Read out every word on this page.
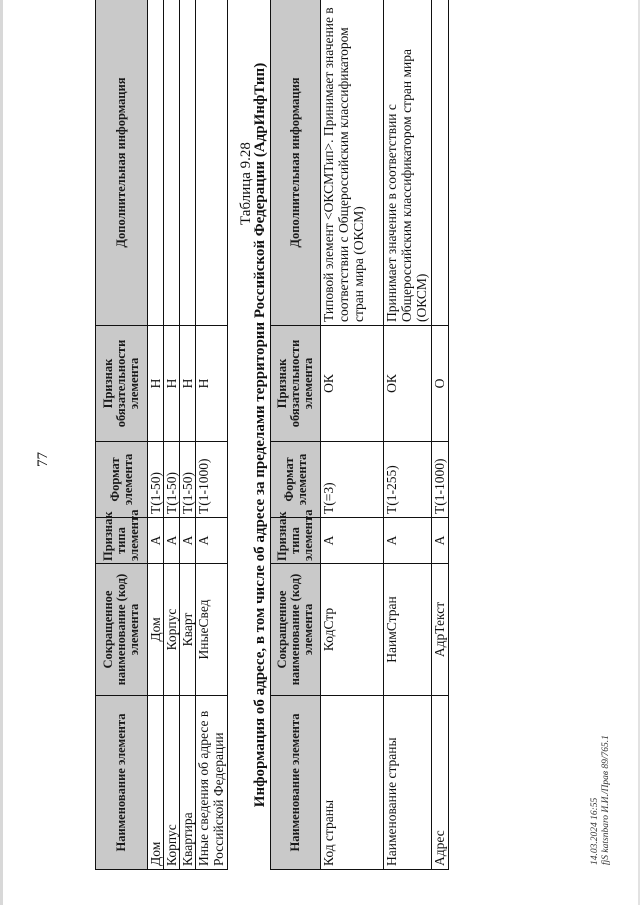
77
Наименование элемента	Сокращенное наименование (код) элемента	Признак типа элемента	Формат элемента	Признак обязательности элемента	Дополнительная информация
Дом	Дом	А	T(1-50)	Н	
Корпус	Корпус	А	T(1-50)	Н	
Квартира	Кварт	А	T(1-50)	Н	
Иные сведения об адресе в Российской Федерации	ИныеСвед	А	T(1-1000)	Н	
Таблица 9.28
Информация об адресе, в том числе об адресе за пределами территории Российской Федерации (АдрИнфТип) Наименование элемента	Сокращенное наименование (код) элемента	Признак типа элемента	Формат элемента	Признак обязательности элемента	Дополнительная информация
Код страны	КодСтр	А	T(=3)	ОК	Типовой элемент <ОКСМТип>. Принимает значение в соответствии с Общероссийским классификатором стран мира (ОКСМ)
Наименование страны	НаимСтран	А	T(1-255)	ОК	Принимает значение в соответствии с Общероссийским классификатором стран мира (ОКСМ)
Адрес	АдрТекст	А	T(1-1000)	О	
14.03.2024 16:55 fjS katsnbaro И.И./Прав 89/765.1
